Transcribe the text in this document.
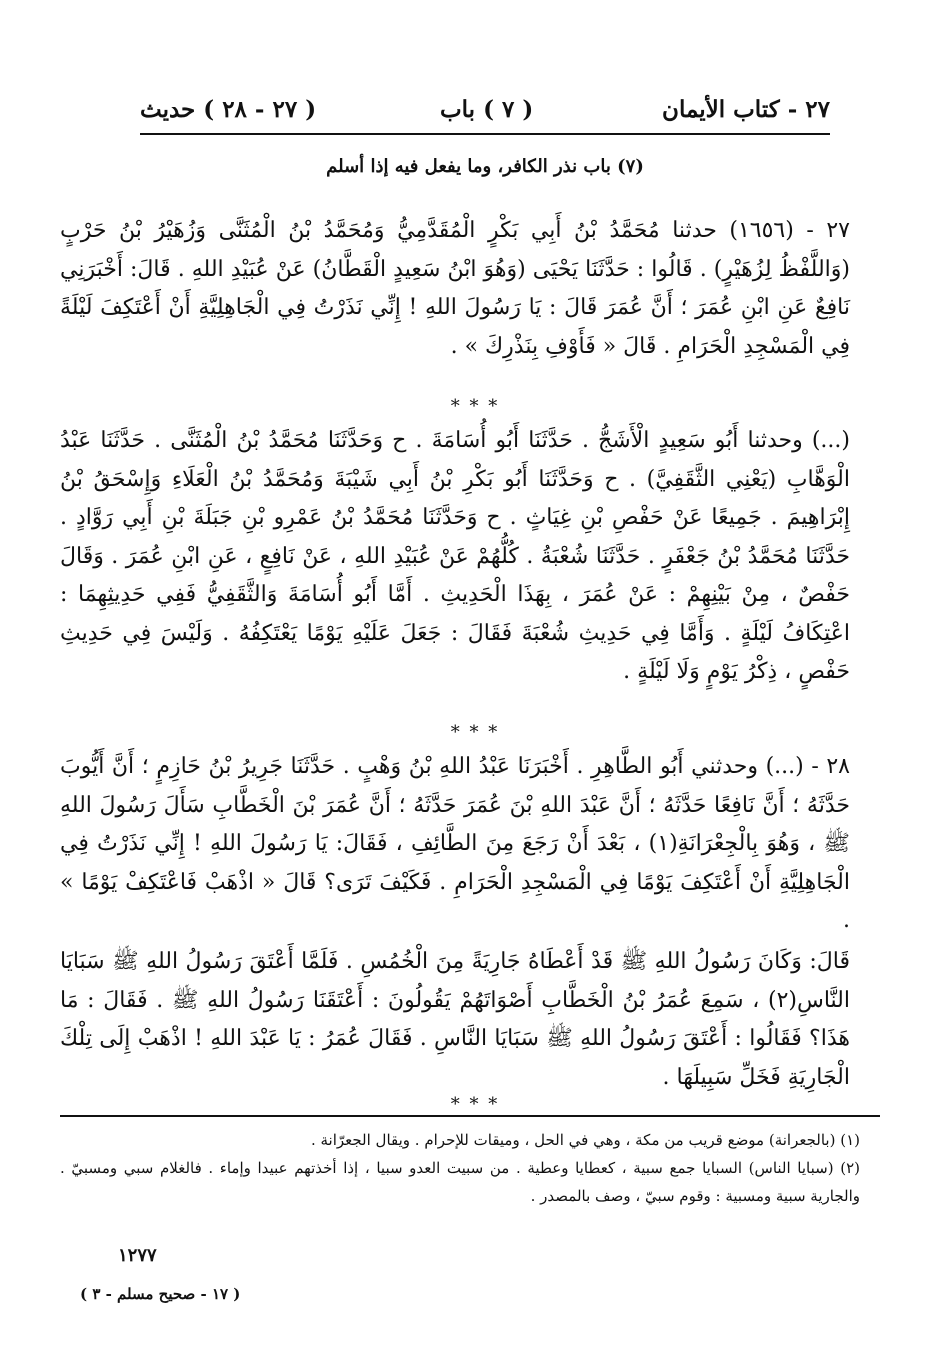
٢٧ - كتاب الأيمان
( ٧ ) باب
( ٢٧ - ٢٨ ) حديث
(٧) باب نذر الكافر، وما يفعل فيه إذا أسلم
٢٧ - (١٦٥٦) حدثنا مُحَمَّدُ بْنُ أَبِي بَكْرٍ الْمُقَدَّمِيُّ وَمُحَمَّدُ بْنُ الْمُثَنَّى وَزُهَيْرُ بْنُ حَرْبٍ (وَاللَّفْظُ لِزُهَيْرٍ) . قَالُوا : حَدَّثَنَا يَحْيَى (وَهُوَ ابْنُ سَعِيدٍ الْقَطَّانُ) عَنْ عُبَيْدِ اللهِ . قَالَ: أَخْبَرَنِي نَافِعٌ عَنِ ابْنِ عُمَرَ ؛ أَنَّ عُمَرَ قَالَ : يَا رَسُولَ اللهِ ! إِنِّي نَذَرْتُ فِي الْجَاهِلِيَّةِ أَنْ أَعْتَكِفَ لَيْلَةً فِي الْمَسْجِدِ الْحَرَامِ . قَالَ « فَأَوْفِ بِنَذْرِكَ » .
* * *
(...) وحدثنا أَبُو سَعِيدٍ الْأَشَجُّ . حَدَّثَنَا أَبُو أُسَامَةَ . ح وَحَدَّثَنَا مُحَمَّدُ بْنُ الْمُثَنَّى . حَدَّثَنَا عَبْدُ الْوَهَّابِ (يَعْنِي الثَّقَفِيَّ) . ح وَحَدَّثَنَا أَبُو بَكْرِ بْنُ أَبِي شَيْبَةَ وَمُحَمَّدُ بْنُ الْعَلَاءِ وَإِسْحَقُ بْنُ إِبْرَاهِيمَ . جَمِيعًا عَنْ حَفْصِ بْنِ غِيَاثٍ . ح وَحَدَّثَنَا مُحَمَّدُ بْنُ عَمْرِو بْنِ جَبَلَةَ بْنِ أَبِي رَوَّادٍ . حَدَّثَنَا مُحَمَّدُ بْنُ جَعْفَرٍ . حَدَّثَنَا شُعْبَةُ . كُلُّهُمْ عَنْ عُبَيْدِ اللهِ ، عَنْ نَافِعٍ ، عَنِ ابْنِ عُمَرَ . وَقَالَ حَفْصٌ ، مِنْ بَيْنِهِمْ : عَنْ عُمَرَ ، بِهَذَا الْحَدِيثِ . أَمَّا أَبُو أُسَامَةَ وَالثَّقَفِيُّ فَفِي حَدِيثِهِمَا : اعْتِكَافُ لَيْلَةٍ . وَأَمَّا فِي حَدِيثِ شُعْبَةَ فَقَالَ : جَعَلَ عَلَيْهِ يَوْمًا يَعْتَكِفُهُ . وَلَيْسَ فِي حَدِيثِ حَفْصٍ ، ذِكْرُ يَوْمٍ وَلَا لَيْلَةٍ .
* * *
٢٨ - (...) وحدثني أَبُو الطَّاهِرِ . أَخْبَرَنَا عَبْدُ اللهِ بْنُ وَهْبٍ . حَدَّثَنَا جَرِيرُ بْنُ حَازِمٍ ؛ أَنَّ أَيُّوبَ حَدَّثَهُ ؛ أَنَّ نَافِعًا حَدَّثَهُ ؛ أَنَّ عَبْدَ اللهِ بْنَ عُمَرَ حَدَّثَهُ ؛ أَنَّ عُمَرَ بْنَ الْخَطَّابِ سَأَلَ رَسُولَ اللهِ ﷺ ، وَهُوَ بِالْجِعْرَانَةِ(١) ، بَعْدَ أَنْ رَجَعَ مِنَ الطَّائِفِ ، فَقَالَ: يَا رَسُولَ اللهِ ! إِنِّي نَذَرْتُ فِي الْجَاهِلِيَّةِ أَنْ أَعْتَكِفَ يَوْمًا فِي الْمَسْجِدِ الْحَرَامِ . فَكَيْفَ تَرَى؟ قَالَ « اذْهَبْ فَاعْتَكِفْ يَوْمًا » .
قَالَ: وَكَانَ رَسُولُ اللهِ ﷺ قَدْ أَعْطَاهُ جَارِيَةً مِنَ الْخُمُسِ . فَلَمَّا أَعْتَقَ رَسُولُ اللهِ ﷺ سَبَايَا النَّاسِ(٢) ، سَمِعَ عُمَرُ بْنُ الْخَطَّابِ أَصْوَاتَهُمْ يَقُولُونَ : أَعْتَقَنَا رَسُولُ اللهِ ﷺ . فَقَالَ : مَا هَذَا؟ فَقَالُوا : أَعْتَقَ رَسُولُ اللهِ ﷺ سَبَايَا النَّاسِ . فَقَالَ عُمَرُ : يَا عَبْدَ اللهِ ! اذْهَبْ إِلَى تِلْكَ الْجَارِيَةِ فَخَلِّ سَبِيلَهَا .
* * *
(١) (بالجعرانة) موضع قريب من مكة ، وهي في الحل ، وميقات للإحرام . ويقال الجعرّانة .
(٢) (سبايا الناس) السبايا جمع سبية ، كعطايا وعطية . من سبيت العدو سبيا ، إذا أخذتهم عبيدا وإماء . فالغلام سبي ومسبيّ . والجارية سبية ومسبية : وقوم سبيّ ، وصف بالمصدر .
١٢٧٧
( ١٧ - صحيح مسلم - ٣ )
